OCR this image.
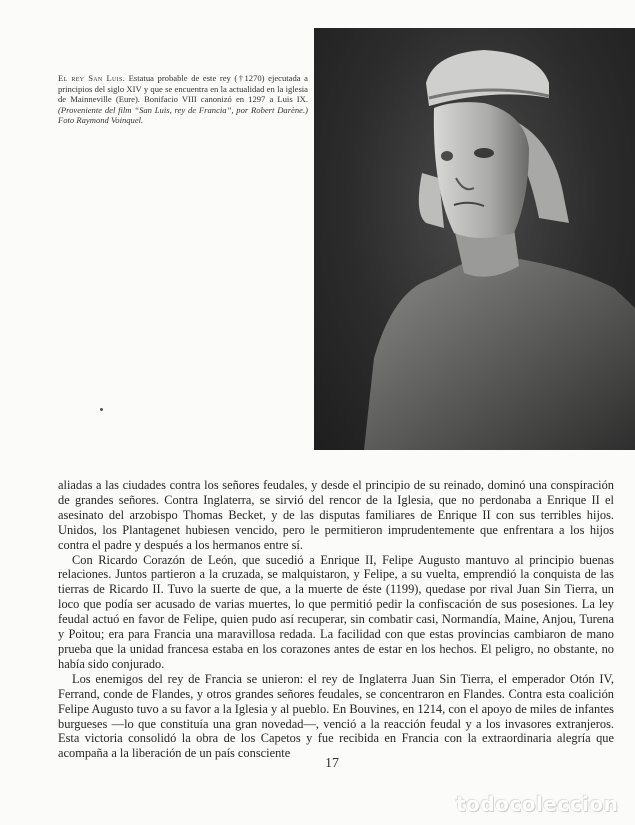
El rey San Luis. Estatua probable de este rey (†1270) ejecutada a principios del siglo XIV y que se encuentra en la actualidad en la iglesia de Mainneville (Eure). Bonifacio VIII canonizó en 1297 a Luis IX. (Proveniente del film “San Luis, rey de Francia”, por Robert Darène.) Foto Raymond Voinquel.

aliadas a las ciudades contra los señores feudales, y desde el principio de su reinado, dominó una conspiración de grandes señores. Contra Inglaterra, se sirvió del rencor de la Iglesia, que no perdonaba a Enrique II el asesinato del arzobispo Thomas Becket, y de las disputas familiares de Enrique II con sus terribles hijos. Unidos, los Plantagenet hubiesen vencido, pero le permitieron imprudentemente que enfrentara a los hijos contra el padre y después a los hermanos entre sí.

Con Ricardo Corazón de León, que sucedió a Enrique II, Felipe Augusto mantuvo al principio buenas relaciones. Juntos partieron a la cruzada, se malquistaron, y Felipe, a su vuelta, emprendió la conquista de las tierras de Ricardo II. Tuvo la suerte de que, a la muerte de éste (1199), quedase por rival Juan Sin Tierra, un loco que podía ser acusado de varias muertes, lo que permitió pedir la confiscación de sus posesiones. La ley feudal actuó en favor de Felipe, quien pudo así recuperar, sin combatir casi, Normandía, Maine, Anjou, Turena y Poitou; era para Francia una maravillosa redada. La facilidad con que estas provincias cambiaron de mano prueba que la unidad francesa estaba en los corazones antes de estar en los hechos. El peligro, no obstante, no había sido conjurado.

Los enemigos del rey de Francia se unieron: el rey de Inglaterra Juan Sin Tierra, el emperador Otón IV, Ferrand, conde de Flandes, y otros grandes señores feudales, se concentraron en Flandes. Contra esta coalición Felipe Augusto tuvo a su favor a la Iglesia y al pueblo. En Bouvines, en 1214, con el apoyo de miles de infantes burgueses —lo que constituía una gran novedad—, venció a la reacción feudal y a los invasores extranjeros. Esta victoria consolidó la obra de los Capetos y fue recibida en Francia con la extraordinaria alegría que acompaña a la liberación de un país consciente

17
todocoleccion
